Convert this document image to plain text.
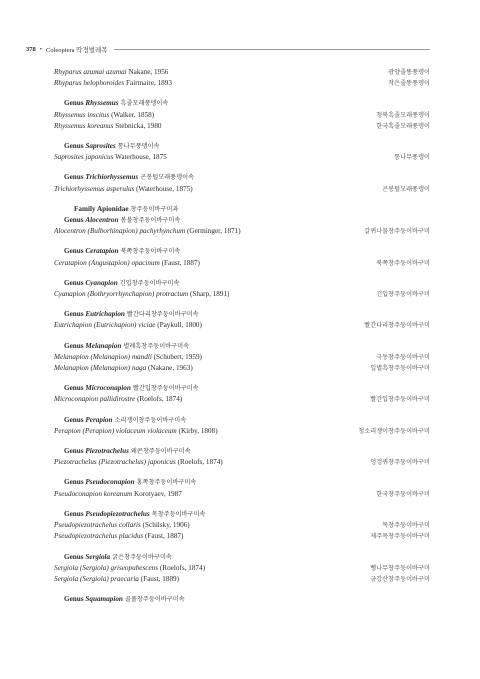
378 • Coleoptera 딱정벌레목
Rhyparus azumai azumai Nakane, 1956	광양줄똥풍뎅이
Rhyparus helophoroides Fairmaire, 1893	작은줄똥풍뎅이
Genus Rhyssemus 흑줄모래풍뎅이속
Rhyssemus inscitus (Walker, 1858)	청북흑줄모래풍뎅이
Rhyssemus koreanus Stebnicka, 1980	한국흑줄모래풍뎅이
Genus Saprosites 통나무풍뎅이속
Saprosites japonicus Waterhouse, 1875	통나무풍뎅이
Genus Trichiorhyssemus 곤봉털모래풍뎅이속
Trichiorhyssemus asperulus (Waterhouse, 1875)	곤봉털모래풍뎅이
Family Apionidae 창주둥이바구미과
Genus Alocentron 봄볼창주둥이바구미속
Alocentron (Bulborhinapion) pachyrhynchum (Germinger, 1871)	갈퀴나물창주둥이바구미
Genus Ceratapion 북쪽창주둥이바구미속
Ceratapion (Angustapion) opacinum (Faust, 1887)	북쪽창주둥이바구미
Genus Cyanapion 긴입창주둥이바구미속
Cyanapion (Bothryorrhynchapion) protractum (Sharp, 1891)	긴입창주둥이바구미
Genus Eutrichapion 빨간다리창주둥이바구미속
Eutrichapion (Eutrichapion) viciae (Paykull, 1800)	빨간다리창주둥이바구미
Genus Melanapion 별례흑창주둥이바구미속
Melanapion (Melanapion) mandli (Schubert, 1959)	극동창주둥이바구미
Melanapion (Melanapion) naga (Nakane, 1963)	일별흑창주둥이바구미
Genus Microconapion 빨간입창주둥이바구미속
Microconapion pallidirostre (Roelofs, 1874)	빨간입창주둥이바구미
Genus Perapion 소리쟁이창주둥이바구미속
Perapion (Perapion) violaceum violaceum (Kirby, 1808)	청소리쟁이창주둥이바구미
Genus Piezotrachelus 왜콘창주둥이바구미속
Piezotrachelus (Piezotrachelus) japonicus (Roelofs, 1874)	엉겅퀴창주둥이바구미
Genus Pseudoconapion 홍쪽창주둥이바구미속
Pseudoconapion koreanum Korotyaev, 1987	한국창주둥이바구미
Genus Pseudopiezotrachelus 목창주둥이바구미속
Pseudopiezotrachelus collaris (Schilsky, 1906)	목창주둥이바구미
Pseudopiezotrachelus placidus (Faust, 1887)	제주목창주둥이바구미
Genus Sergiola 굵은창주둥이바구미속
Sergiola (Sergiola) griseopubescens (Roelofs, 1874)	뻥나무창주둥이바구미
Sergiola (Sergiola) praecaria (Faust, 1889)	금강산창주둥이바구미
Genus Squamapion 골풀창주둥이바구미속
